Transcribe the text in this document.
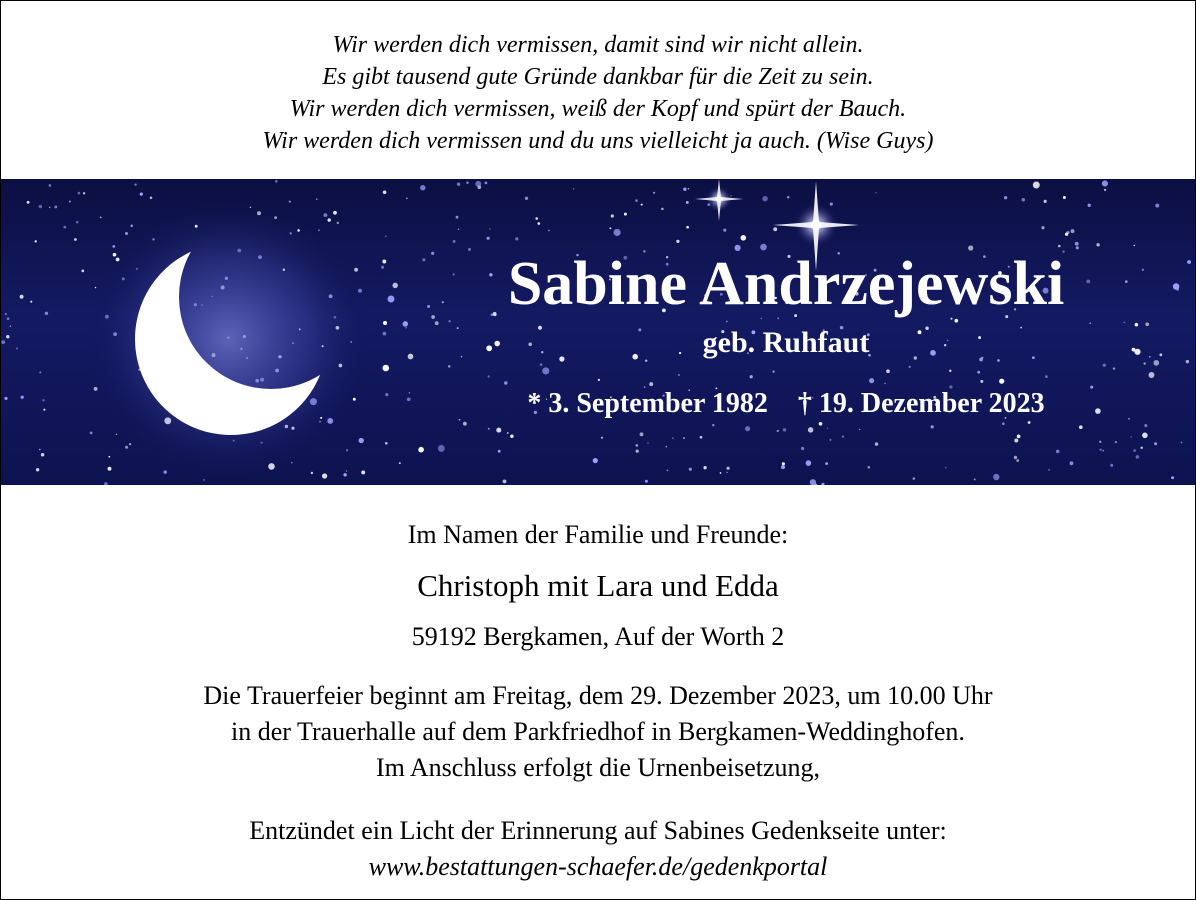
Wir werden dich vermissen, damit sind wir nicht allein.
Es gibt tausend gute Gründe dankbar für die Zeit zu sein.
Wir werden dich vermissen, weiß der Kopf und spürt der Bauch.
Wir werden dich vermissen und du uns vielleicht ja auch. (Wise Guys)
Sabine Andrzejewski
geb. Ruhfaut
* 3. September 1982 † 19. Dezember 2023
Im Namen der Familie und Freunde:
Christoph mit Lara und Edda
59192 Bergkamen, Auf der Worth 2
Die Trauerfeier beginnt am Freitag, dem 29. Dezember 2023, um 10.00 Uhr
in der Trauerhalle auf dem Parkfriedhof in Bergkamen-Weddinghofen.
Im Anschluss erfolgt die Urnenbeisetzung,
Entzündet ein Licht der Erinnerung auf Sabines Gedenkseite unter:
www.bestattungen-schaefer.de/gedenkportal
